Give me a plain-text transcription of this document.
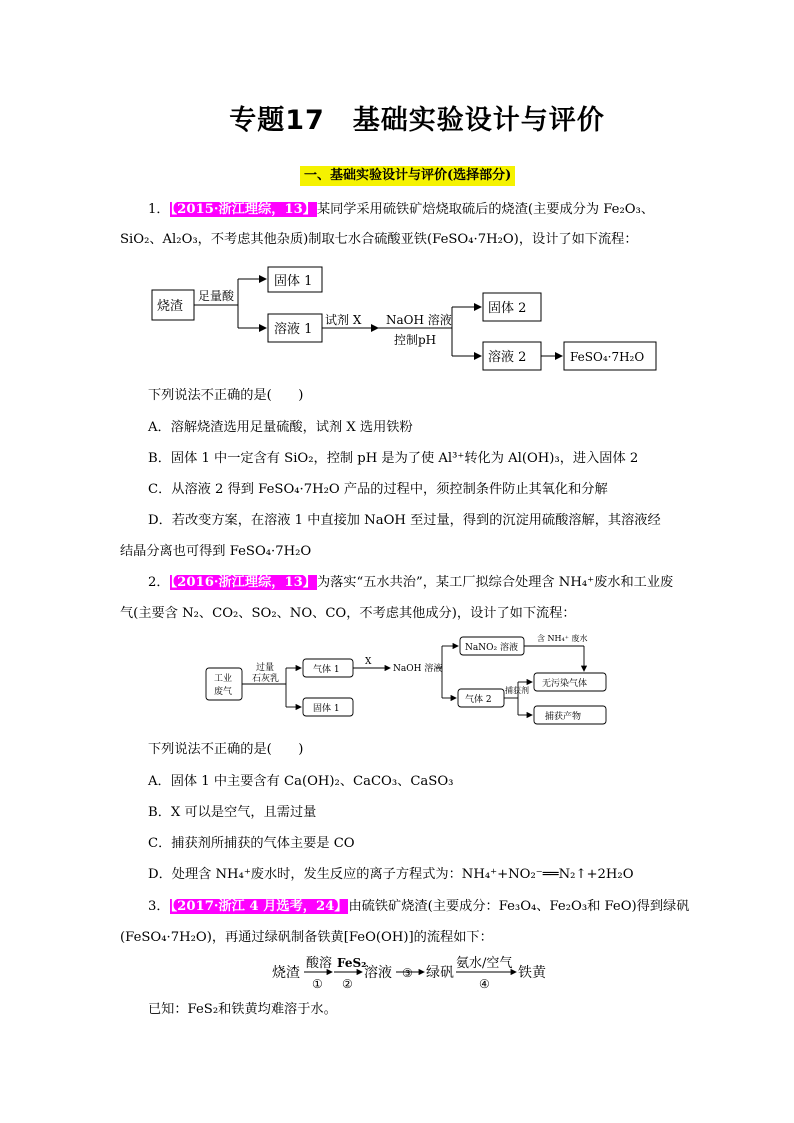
专题17　基础实验设计与评价
一、基础实验设计与评价(选择部分)
1．【2015·浙江理综，13】某同学采用硫铁矿焙烧取硫后的烧渣(主要成分为 Fe₂O₃、
SiO₂、Al₂O₃，不考虑其他杂质)制取七水合硫酸亚铁(FeSO₄·7H₂O)，设计了如下流程：
烧渣
足量酸
固体 1
溶液 1
试剂 X NaOH 溶液
控制pH
固体 2
溶液 2	FeSO₄·7H₂O
下列说法不正确的是(　　)
A．溶解烧渣选用足量硫酸，试剂 X 选用铁粉
B．固体 1 中一定含有 SiO₂，控制 pH 是为了使 Al³⁺转化为 Al(OH)₃，进入固体 2
C．从溶液 2 得到 FeSO₄·7H₂O 产品的过程中，须控制条件防止其氧化和分解
D．若改变方案，在溶液 1 中直接加 NaOH 至过量，得到的沉淀用硫酸溶解，其溶液经
结晶分离也可得到 FeSO₄·7H₂O
2．【2016·浙江理综，13】为落实“五水共治”，某工厂拟综合处理含 NH₄⁺废水和工业废
气(主要含 N₂、CO₂、SO₂、NO、CO，不考虑其他成分)，设计了如下流程：
工业
废气
过量
石灰乳
气体 1
固体 1
X
NaOH 溶液
NaNO₂ 溶液
含 NH₄⁺ 废水
无污染气体
气体 2
捕获剂
捕获产物
下列说法不正确的是(　　)
A．固体 1 中主要含有 Ca(OH)₂、CaCO₃、CaSO₃
B．X 可以是空气，且需过量
C．捕获剂所捕获的气体主要是 CO
D．处理含 NH₄⁺废水时，发生反应的离子方程式为：NH₄⁺+NO₂⁻══N₂↑+2H₂O
3．【2017·浙江 4 月选考，24】由硫铁矿烧渣(主要成分：Fe₃O₄、Fe₂O₃和 FeO)得到绿矾
(FeSO₄·7H₂O)，再通过绿矾制备铁黄[FeO(OH)]的流程如下：
烧渣
酸溶
①
FeS₂
②
溶液 ③ 绿矾
氨水/空气
④
铁黄
已知：FeS₂和铁黄均难溶于水。
